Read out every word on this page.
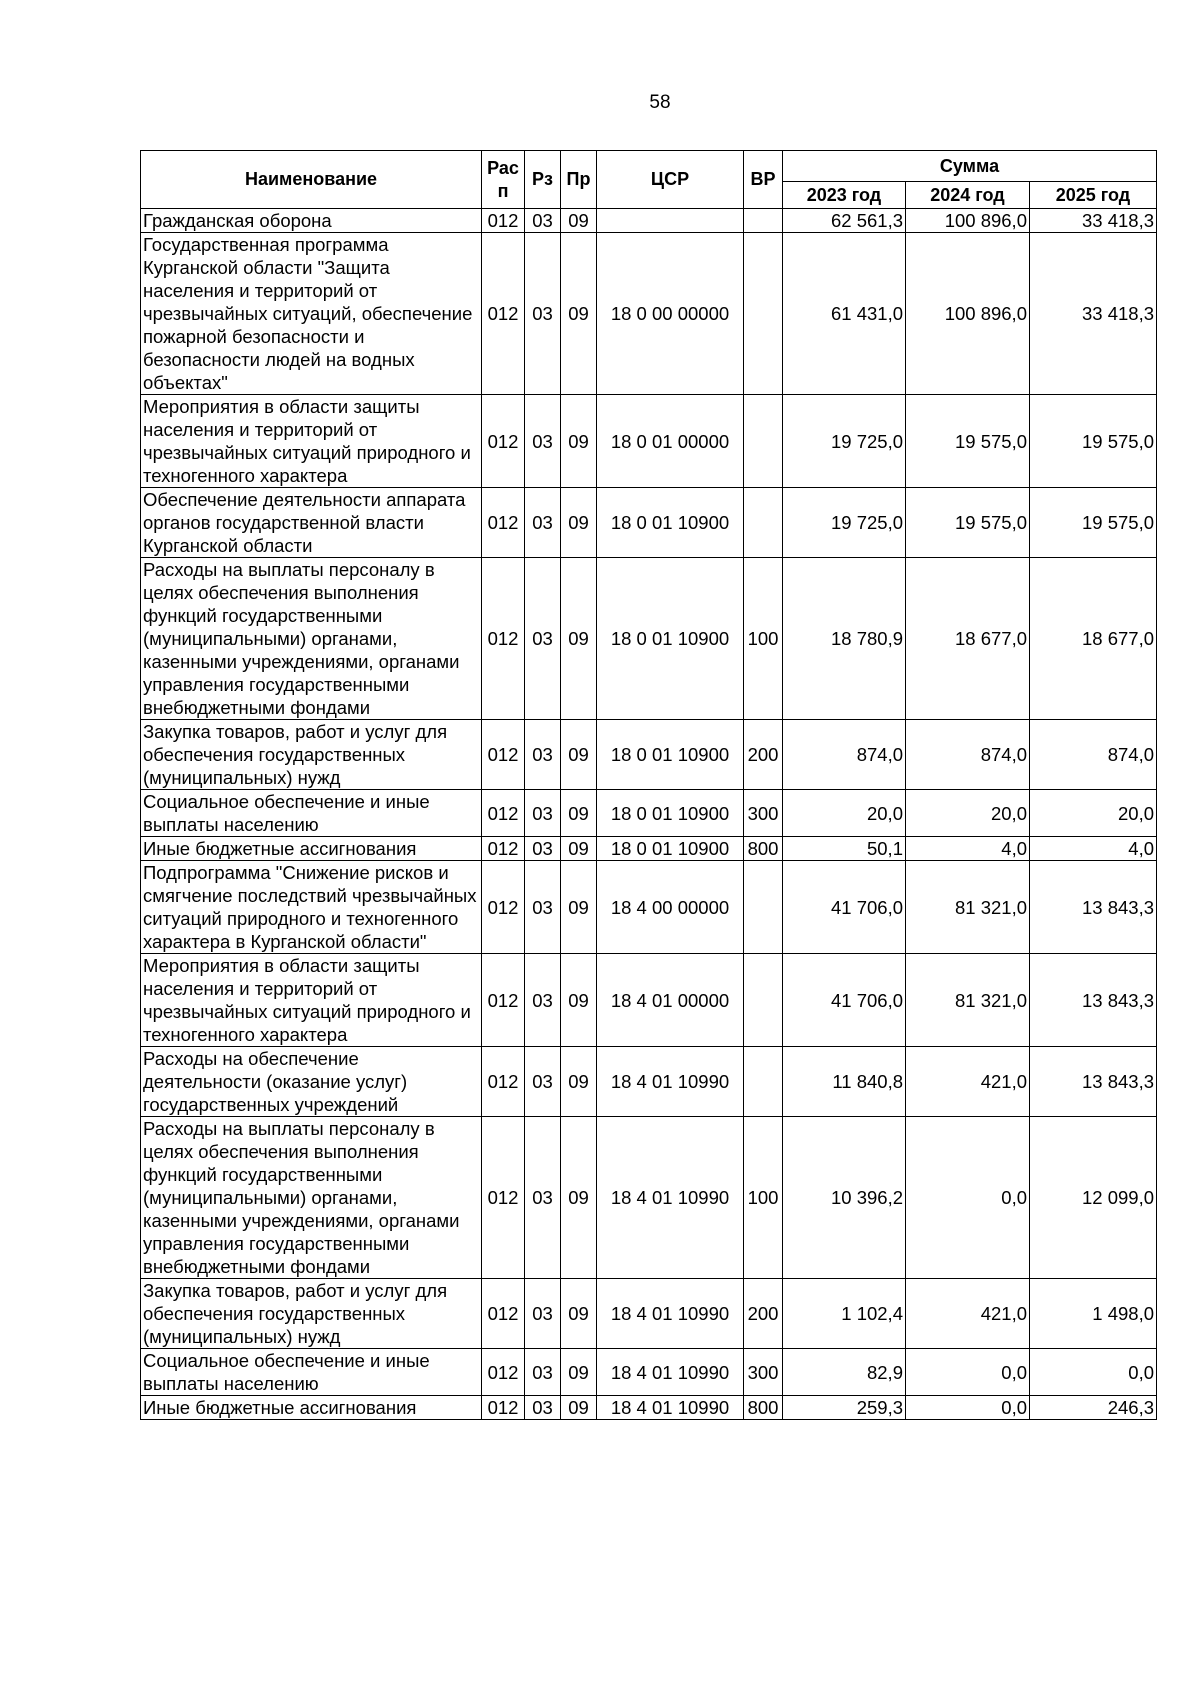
58
Наименование	Рас п	Рз	Пр	ЦСР	ВР	Сумма		
						2023 год	2024 год	2025 год
Гражданская оборона	012	03	09			62 561,3	100 896,0	33 418,3
Государственная программа Курганской области "Защита населения и территорий от чрезвычайных ситуаций, обеспечение пожарной безопасности и безопасности людей на водных объектах"	012	03	09	18 0 00 00000		61 431,0	100 896,0	33 418,3
Мероприятия в области защиты населения и территорий от чрезвычайных ситуаций природного и техногенного характера	012	03	09	18 0 01 00000		19 725,0	19 575,0	19 575,0
Обеспечение деятельности аппарата органов государственной власти Курганской области	012	03	09	18 0 01 10900		19 725,0	19 575,0	19 575,0
Расходы на выплаты персоналу в целях обеспечения выполнения функций государственными (муниципальными) органами, казенными учреждениями, органами управления государственными внебюджетными фондами	012	03	09	18 0 01 10900	100	18 780,9	18 677,0	18 677,0
Закупка товаров, работ и услуг для обеспечения государственных (муниципальных) нужд	012	03	09	18 0 01 10900	200	874,0	874,0	874,0
Социальное обеспечение и иные выплаты населению	012	03	09	18 0 01 10900	300	20,0	20,0	20,0
Иные бюджетные ассигнования	012	03	09	18 0 01 10900	800	50,1	4,0	4,0
Подпрограмма "Снижение рисков и смягчение последствий чрезвычайных ситуаций природного и техногенного характера в Курганской области"	012	03	09	18 4 00 00000		41 706,0	81 321,0	13 843,3
Мероприятия в области защиты населения и территорий от чрезвычайных ситуаций природного и техногенного характера	012	03	09	18 4 01 00000		41 706,0	81 321,0	13 843,3
Расходы на обеспечение деятельности (оказание услуг) государственных учреждений	012	03	09	18 4 01 10990		11 840,8	421,0	13 843,3
Расходы на выплаты персоналу в целях обеспечения выполнения функций государственными (муниципальными) органами, казенными учреждениями, органами управления государственными внебюджетными фондами	012	03	09	18 4 01 10990	100	10 396,2	0,0	12 099,0
Закупка товаров, работ и услуг для обеспечения государственных (муниципальных) нужд	012	03	09	18 4 01 10990	200	1 102,4	421,0	1 498,0
Социальное обеспечение и иные выплаты населению	012	03	09	18 4 01 10990	300	82,9	0,0	0,0
Иные бюджетные ассигнования	012	03	09	18 4 01 10990	800	259,3	0,0	246,3
